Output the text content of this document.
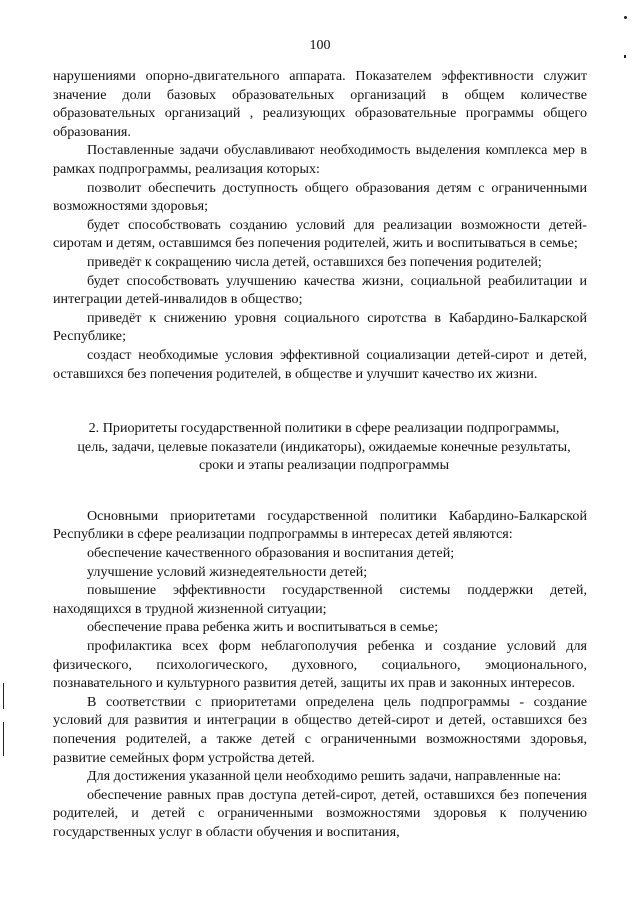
100

нарушениями опорно-двигательного аппарата. Показателем эффективности служит значение доли базовых образовательных организаций в общем количестве образовательных организаций , реализующих образовательные программы общего образования.

Поставленные задачи обуславливают необходимость выделения комплекса мер в рамках подпрограммы, реализация которых:

позволит обеспечить доступность общего образования детям с ограниченными возможностями здоровья;

будет способствовать созданию условий для реализации возможности детей-сиротам и детям, оставшимся без попечения родителей, жить и воспитываться в семье;

приведёт к сокращению числа детей, оставшихся без попечения родителей;

будет способствовать улучшению качества жизни, социальной реабилитации и интеграции детей-инвалидов в общество;

приведёт к снижению уровня социального сиротства в Кабардино-Балкарской Республике;

создаст необходимые условия эффективной социализации детей-сирот и детей, оставшихся без попечения родителей, в обществе и улучшит качество их жизни.

2. Приоритеты государственной политики в сфере реализации подпрограммы,
цель, задачи, целевые показатели (индикаторы), ожидаемые конечные результаты,
сроки и этапы реализации подпрограммы

Основными приоритетами государственной политики Кабардино-Балкарской Республики в сфере реализации подпрограммы в интересах детей являются:

обеспечение качественного образования и воспитания детей;

улучшение условий жизнедеятельности детей;

повышение эффективности государственной системы поддержки детей, находящихся в трудной жизненной ситуации;

обеспечение права ребенка жить и воспитываться в семье;

профилактика всех форм неблагополучия ребенка и создание условий для физического, психологического, духовного, социального, эмоционального, познавательного и культурного развития детей, защиты их прав и законных интересов.

В соответствии с приоритетами определена цель подпрограммы - создание условий для развития и интеграции в общество детей-сирот и детей, оставшихся без попечения родителей, а также детей с ограниченными возможностями здоровья, развитие семейных форм устройства детей.

Для достижения указанной цели необходимо решить задачи, направленные на:

обеспечение равных прав доступа детей-сирот, детей, оставшихся без попечения родителей, и детей с ограниченными возможностями здоровья к получению государственных услуг в области обучения и воспитания,
